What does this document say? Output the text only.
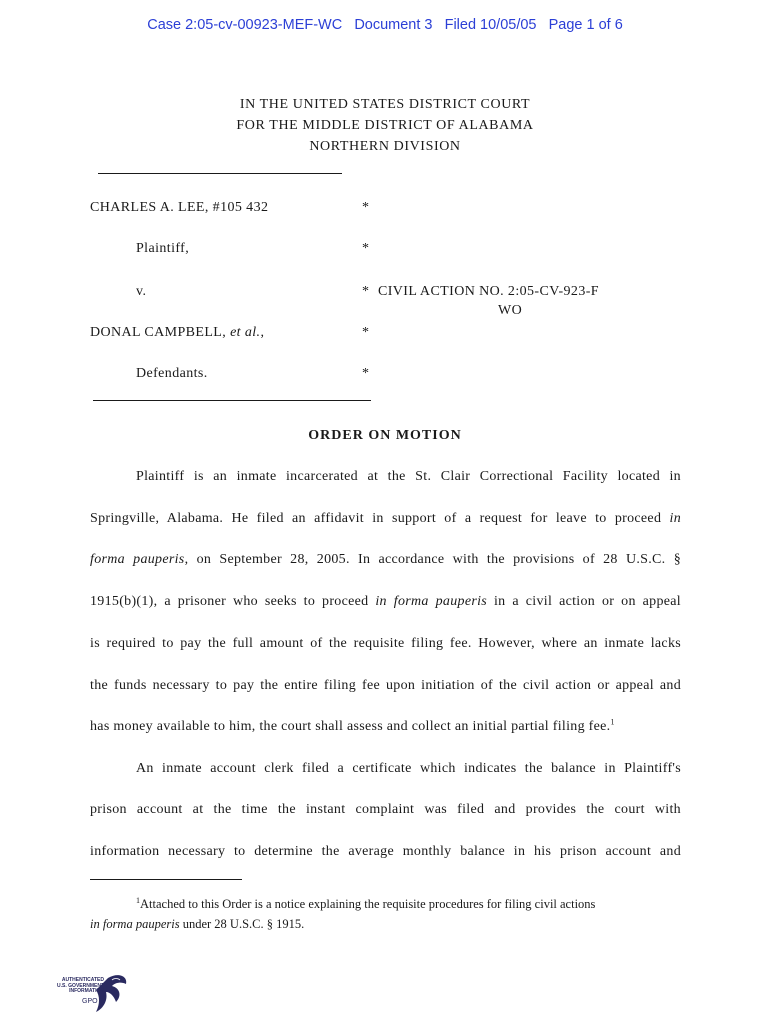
Case 2:05-cv-00923-MEF-WC Document 3 Filed 10/05/05 Page 1 of 6
IN THE UNITED STATES DISTRICT COURT
FOR THE MIDDLE DISTRICT OF ALABAMA
NORTHERN DIVISION
CHARLES A. LEE, #105 432	*
Plaintiff,	*
v.	* CIVIL ACTION NO. 2:05-CV-923-F
WO
DONAL CAMPBELL, et al.,	*
Defendants.	*
ORDER ON MOTION
Plaintiff is an inmate incarcerated at the St. Clair Correctional Facility located in
Springville, Alabama. He filed an affidavit in support of a request for leave to proceed in
forma pauperis, on September 28, 2005. In accordance with the provisions of 28 U.S.C. §
1915(b)(1), a prisoner who seeks to proceed in forma pauperis in a civil action or on appeal
is required to pay the full amount of the requisite filing fee. However, where an inmate lacks
the funds necessary to pay the entire filing fee upon initiation of the civil action or appeal and
has money available to him, the court shall assess and collect an initial partial filing fee.$^1$
An inmate account clerk filed a certificate which indicates the balance in Plaintiff's
prison account at the time the instant complaint was filed and provides the court with
information necessary to determine the average monthly balance in his prison account and
$^1$Attached to this Order is a notice explaining the requisite procedures for filing civil actions
in forma pauperis under 28 U.S.C. § 1915.
AUTHENTICATED
U.S. GOVERNMENT
INFORMATION
GPO
